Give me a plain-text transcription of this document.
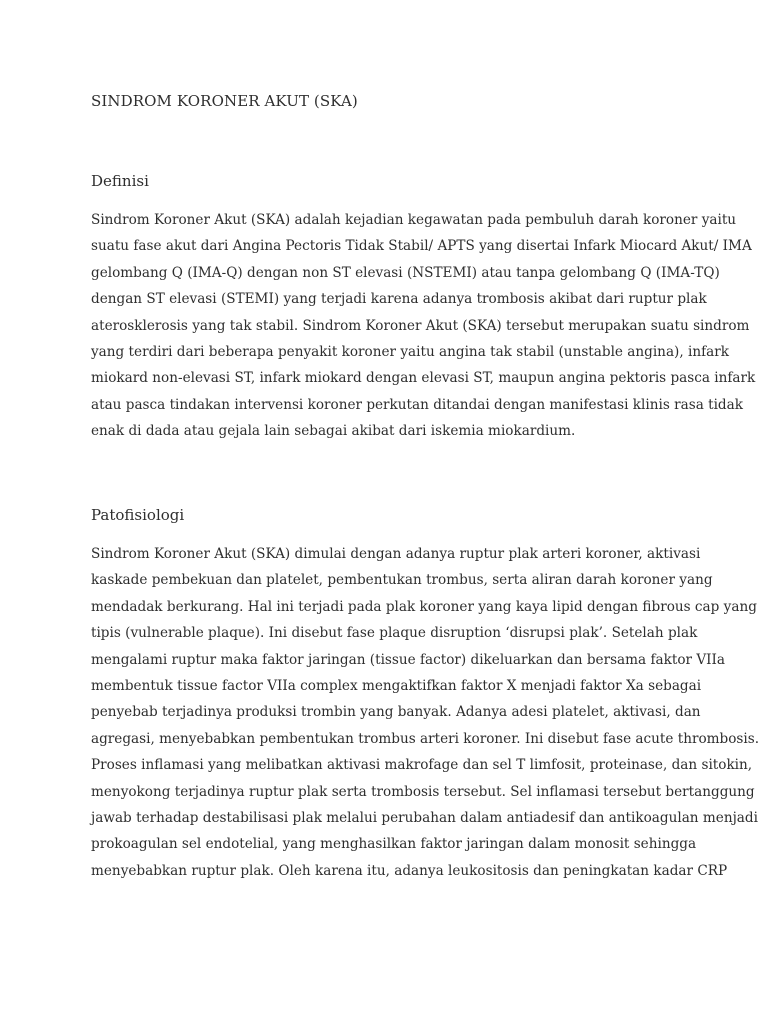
SINDROM KORONER AKUT (SKA)
Definisi

Sindrom Koroner Akut (SKA) adalah kejadian kegawatan pada pembuluh darah koroner yaitu
suatu fase akut dari Angina Pectoris Tidak Stabil/ APTS yang disertai Infark Miocard Akut/ IMA
gelombang Q (IMA-Q) dengan non ST elevasi (NSTEMI) atau tanpa gelombang Q (IMA-TQ)
dengan ST elevasi (STEMI) yang terjadi karena adanya trombosis akibat dari ruptur plak
aterosklerosis yang tak stabil. Sindrom Koroner Akut (SKA) tersebut merupakan suatu sindrom
yang terdiri dari beberapa penyakit koroner yaitu angina tak stabil (unstable angina), infark
miokard non-elevasi ST, infark miokard dengan elevasi ST, maupun angina pektoris pasca infark
atau pasca tindakan intervensi koroner perkutan ditandai dengan manifestasi klinis rasa tidak
enak di dada atau gejala lain sebagai akibat dari iskemia miokardium.

Patofisiologi

Sindrom Koroner Akut (SKA) dimulai dengan adanya ruptur plak arteri koroner, aktivasi
kaskade pembekuan dan platelet, pembentukan trombus, serta aliran darah koroner yang
mendadak berkurang. Hal ini terjadi pada plak koroner yang kaya lipid dengan fibrous cap yang
tipis (vulnerable plaque). Ini disebut fase plaque disruption ‘disrupsi plak’. Setelah plak
mengalami ruptur maka faktor jaringan (tissue factor) dikeluarkan dan bersama faktor VIIa
membentuk tissue factor VIIa complex mengaktifkan faktor X menjadi faktor Xa sebagai
penyebab terjadinya produksi trombin yang banyak. Adanya adesi platelet, aktivasi, dan
agregasi, menyebabkan pembentukan trombus arteri koroner. Ini disebut fase acute thrombosis.
Proses inflamasi yang melibatkan aktivasi makrofage dan sel T limfosit, proteinase, dan sitokin,
menyokong terjadinya ruptur plak serta trombosis tersebut. Sel inflamasi tersebut bertanggung
jawab terhadap destabilisasi plak melalui perubahan dalam antiadesif dan antikoagulan menjadi
prokoagulan sel endotelial, yang menghasilkan faktor jaringan dalam monosit sehingga
menyebabkan ruptur plak. Oleh karena itu, adanya leukositosis dan peningkatan kadar CRP
